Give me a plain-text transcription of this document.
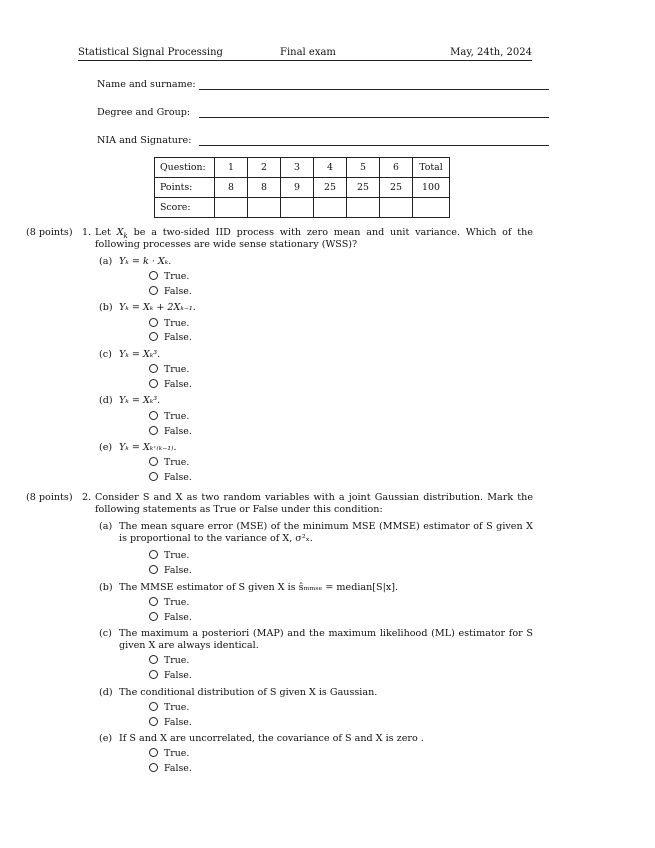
Statistical Signal Processing	Final exam	May, 24th, 2024
Name and surname:
Degree and Group:
NIA and Signature:
Question:	1	2	3	4	5	6	Total
Points:	8	8	9	25	25	25	100
Score:							
(8 points) 1. Let $X_k$ be a two-sided IID process with zero mean and unit variance. Which of the following processes are wide sense stationary (WSS)?
(a) Yₖ = k · Xₖ.
True.
False.
(b) Yₖ = Xₖ + 2Xₖ₋₁.
True.
False.
(c) Yₖ = Xₖ³.
True.
False.
(d) Yₖ = Xₖ³.
True.
False.
(e) Yₖ = Xₖ·₍ₖ₋₁₎.
True.
False.
(8 points) 2. Consider S and X as two random variables with a joint Gaussian distribution. Mark the following statements as True or False under this condition:
(a) The mean square error (MSE) of the minimum MSE (MMSE) estimator of S given X is proportional to the variance of X, σ²ₓ.
True.
False.
(b) The MMSE estimator of S given X is ŝₘₘₛₑ = median[S|x].
True.
False.
(c) The maximum a posteriori (MAP) and the maximum likelihood (ML) estimator for S given X are always identical.
True.
False.
(d) The conditional distribution of S given X is Gaussian.
True.
False.
(e) If S and X are uncorrelated, the covariance of S and X is zero .
True.
False.
